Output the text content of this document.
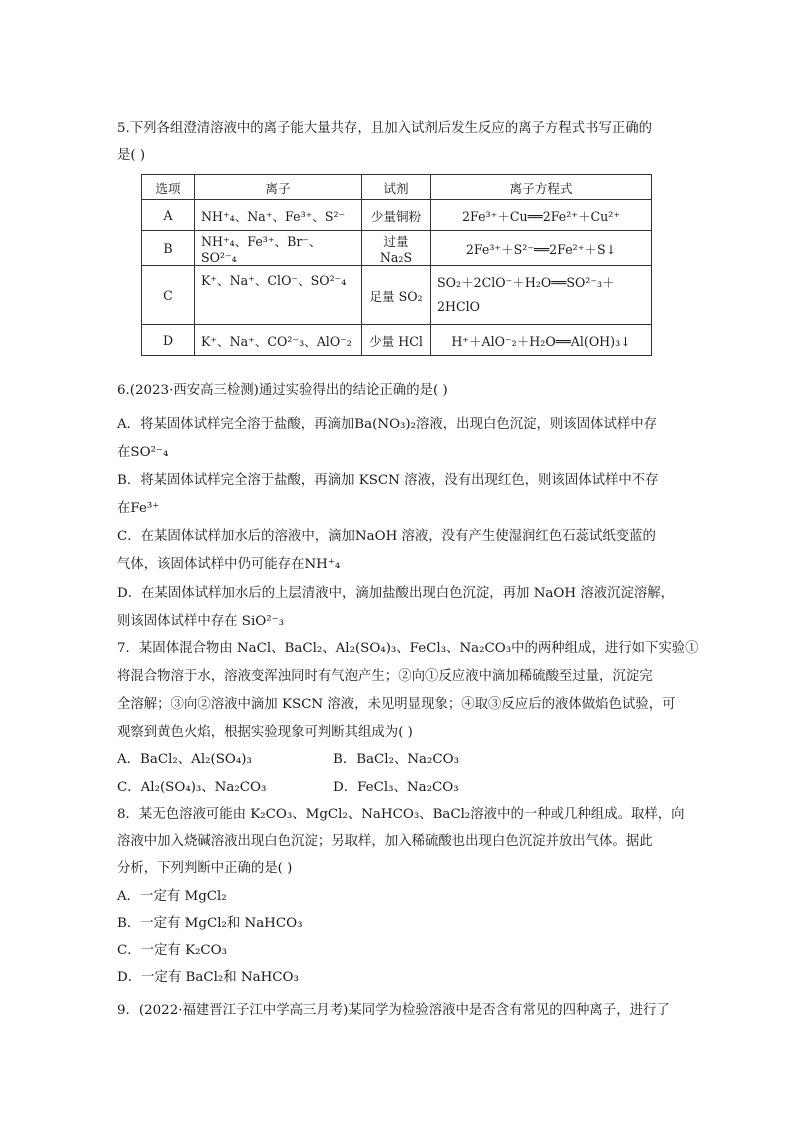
5.下列各组澄清溶液中的离子能大量共存，且加入试剂后发生反应的离子方程式书写正确的
是( )
选项	离子	试剂	离子方程式
A	NH⁺₄、Na⁺、Fe³⁺、S²⁻	少量铜粉	2Fe³⁺＋Cu══2Fe²⁺＋Cu²⁺
B	NH⁺₄、Fe³⁺、Br⁻、SO²⁻₄	过量 Na₂S	2Fe³⁺＋S²⁻══2Fe²⁺＋S↓
C	K⁺、Na⁺、ClO⁻、SO²⁻₄	足量 SO₂	SO₂＋2ClO⁻＋H₂O══SO²⁻₃＋
2HClO

D	K⁺、Na⁺、CO²⁻₃、AlO⁻₂	少量 HCl	H⁺＋AlO⁻₂＋H₂O══Al(OH)₃↓
6.(2023·西安高三检测)通过实验得出的结论正确的是( )
A．将某固体试样完全溶于盐酸，再滴加Ba(NO₃)₂溶液，出现白色沉淀，则该固体试样中存
在SO²⁻₄
B．将某固体试样完全溶于盐酸，再滴加 KSCN 溶液，没有出现红色，则该固体试样中不存
在Fe³⁺
C．在某固体试样加水后的溶液中，滴加NaOH 溶液，没有产生使湿润红色石蕊试纸变蓝的
气体，该固体试样中仍可能存在NH⁺₄
D．在某固体试样加水后的上层清液中，滴加盐酸出现白色沉淀，再加 NaOH 溶液沉淀溶解，
则该固体试样中存在 SiO²⁻₃
7．某固体混合物由 NaCl、BaCl₂、Al₂(SO₄)₃、FeCl₃、Na₂CO₃中的两种组成，进行如下实验①
将混合物溶于水，溶液变浑浊同时有气泡产生；②向①反应液中滴加稀硫酸至过量，沉淀完
全溶解；③向②溶液中滴加 KSCN 溶液，未见明显现象；④取③反应后的液体做焰色试验，可
观察到黄色火焰，根据实验现象可判断其组成为( )
A．BaCl₂、Al₂(SO₄)₃	B．BaCl₂、Na₂CO₃
C．Al₂(SO₄)₃、Na₂CO₃	D．FeCl₃、Na₂CO₃
8．某无色溶液可能由 K₂CO₃、MgCl₂、NaHCO₃、BaCl₂溶液中的一种或几种组成。取样，向
溶液中加入烧碱溶液出现白色沉淀；另取样，加入稀硫酸也出现白色沉淀并放出气体。据此
分析，下列判断中正确的是( )
A．一定有 MgCl₂
B．一定有 MgCl₂和 NaHCO₃
C．一定有 K₂CO₃
D．一定有 BaCl₂和 NaHCO₃
9．(2022·福建晋江子江中学高三月考)某同学为检验溶液中是否含有常见的四种离子，进行了
